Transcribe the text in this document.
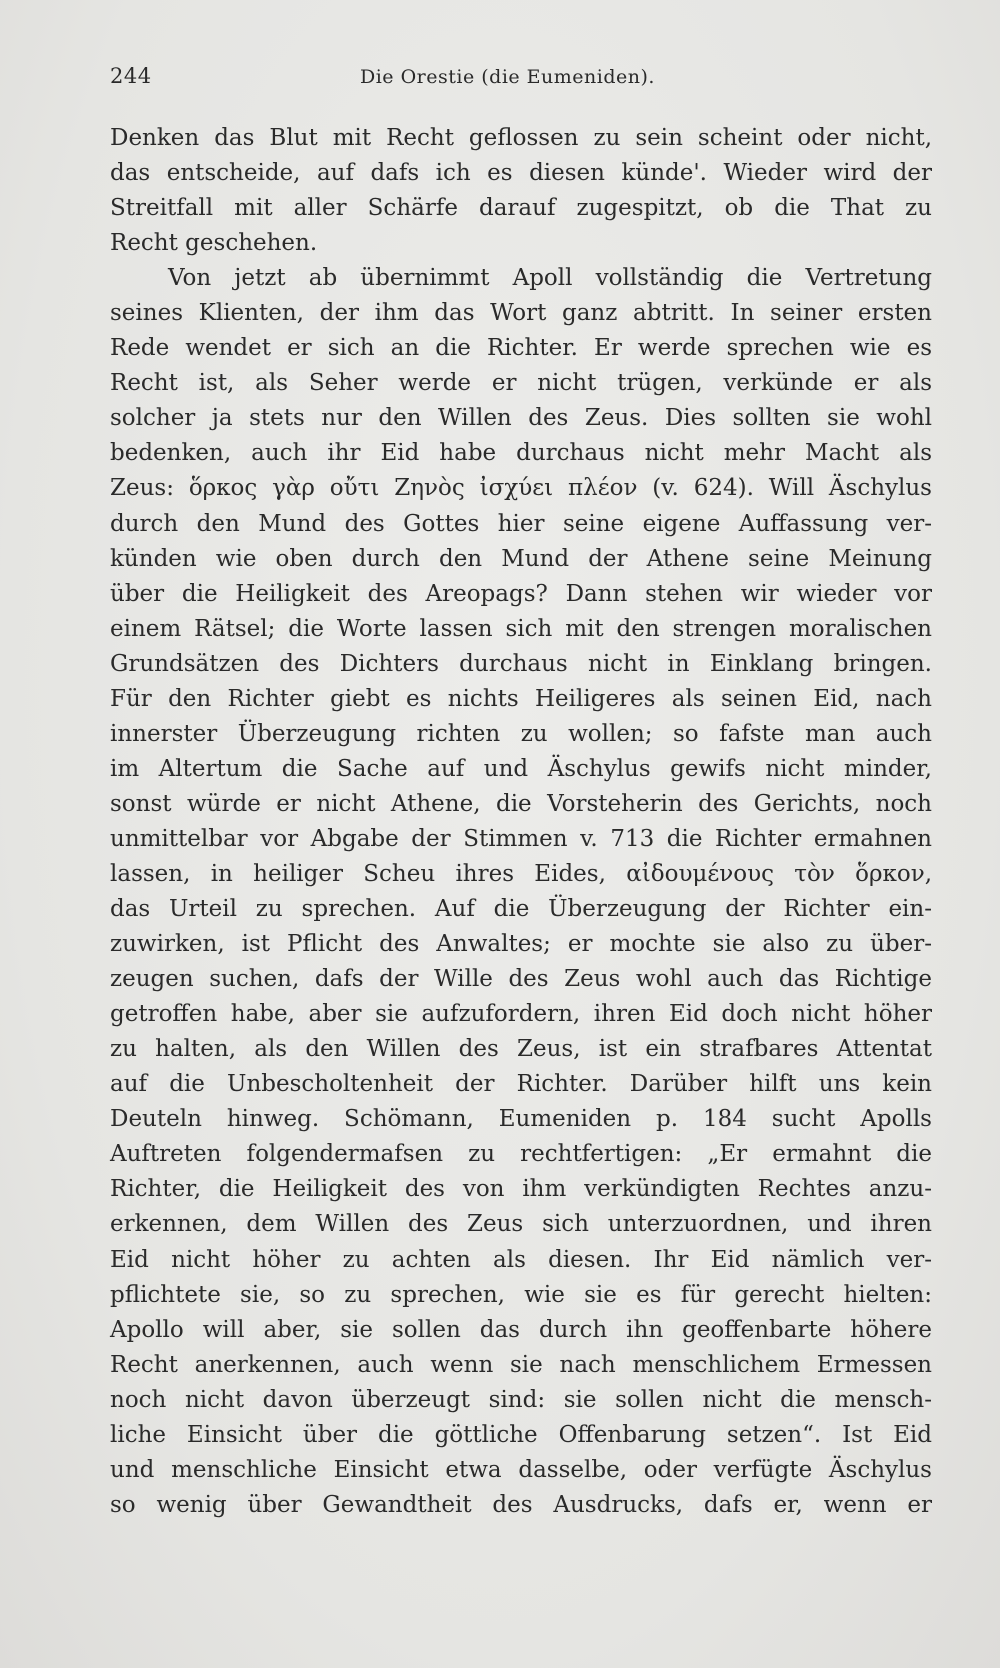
244	Die Orestie (die Eumeniden).
Denken das Blut mit Recht geflossen zu sein scheint oder nicht,
das entscheide, auf dafs ich es diesen künde'. Wieder wird der
Streitfall mit aller Schärfe darauf zugespitzt, ob die That zu
Recht geschehen.
Von jetzt ab übernimmt Apoll vollständig die Vertretung
seines Klienten, der ihm das Wort ganz abtritt. In seiner ersten
Rede wendet er sich an die Richter. Er werde sprechen wie es
Recht ist, als Seher werde er nicht trügen, verkünde er als
solcher ja stets nur den Willen des Zeus. Dies sollten sie wohl
bedenken, auch ihr Eid habe durchaus nicht mehr Macht als
Zeus: ὅρκος γὰρ οὔτι Ζηνὸς ἰσχύει πλέον (v. 624). Will Äschylus
durch den Mund des Gottes hier seine eigene Auffassung ver-
künden wie oben durch den Mund der Athene seine Meinung
über die Heiligkeit des Areopags? Dann stehen wir wieder vor
einem Rätsel; die Worte lassen sich mit den strengen moralischen
Grundsätzen des Dichters durchaus nicht in Einklang bringen.
Für den Richter giebt es nichts Heiligeres als seinen Eid, nach
innerster Überzeugung richten zu wollen; so fafste man auch
im Altertum die Sache auf und Äschylus gewifs nicht minder,
sonst würde er nicht Athene, die Vorsteherin des Gerichts, noch
unmittelbar vor Abgabe der Stimmen v. 713 die Richter ermahnen
lassen, in heiliger Scheu ihres Eides, αἰδουμένους τὸν ὅρκον,
das Urteil zu sprechen. Auf die Überzeugung der Richter ein-
zuwirken, ist Pflicht des Anwaltes; er mochte sie also zu über-
zeugen suchen, dafs der Wille des Zeus wohl auch das Richtige
getroffen habe, aber sie aufzufordern, ihren Eid doch nicht höher
zu halten, als den Willen des Zeus, ist ein strafbares Attentat
auf die Unbescholtenheit der Richter. Darüber hilft uns kein
Deuteln hinweg. Schömann, Eumeniden p. 184 sucht Apolls
Auftreten folgendermafsen zu rechtfertigen: „Er ermahnt die
Richter, die Heiligkeit des von ihm verkündigten Rechtes anzu-
erkennen, dem Willen des Zeus sich unterzuordnen, und ihren
Eid nicht höher zu achten als diesen. Ihr Eid nämlich ver-
pflichtete sie, so zu sprechen, wie sie es für gerecht hielten:
Apollo will aber, sie sollen das durch ihn geoffenbarte höhere
Recht anerkennen, auch wenn sie nach menschlichem Ermessen
noch nicht davon überzeugt sind: sie sollen nicht die mensch-
liche Einsicht über die göttliche Offenbarung setzen“. Ist Eid
und menschliche Einsicht etwa dasselbe, oder verfügte Äschylus
so wenig über Gewandtheit des Ausdrucks, dafs er, wenn er
